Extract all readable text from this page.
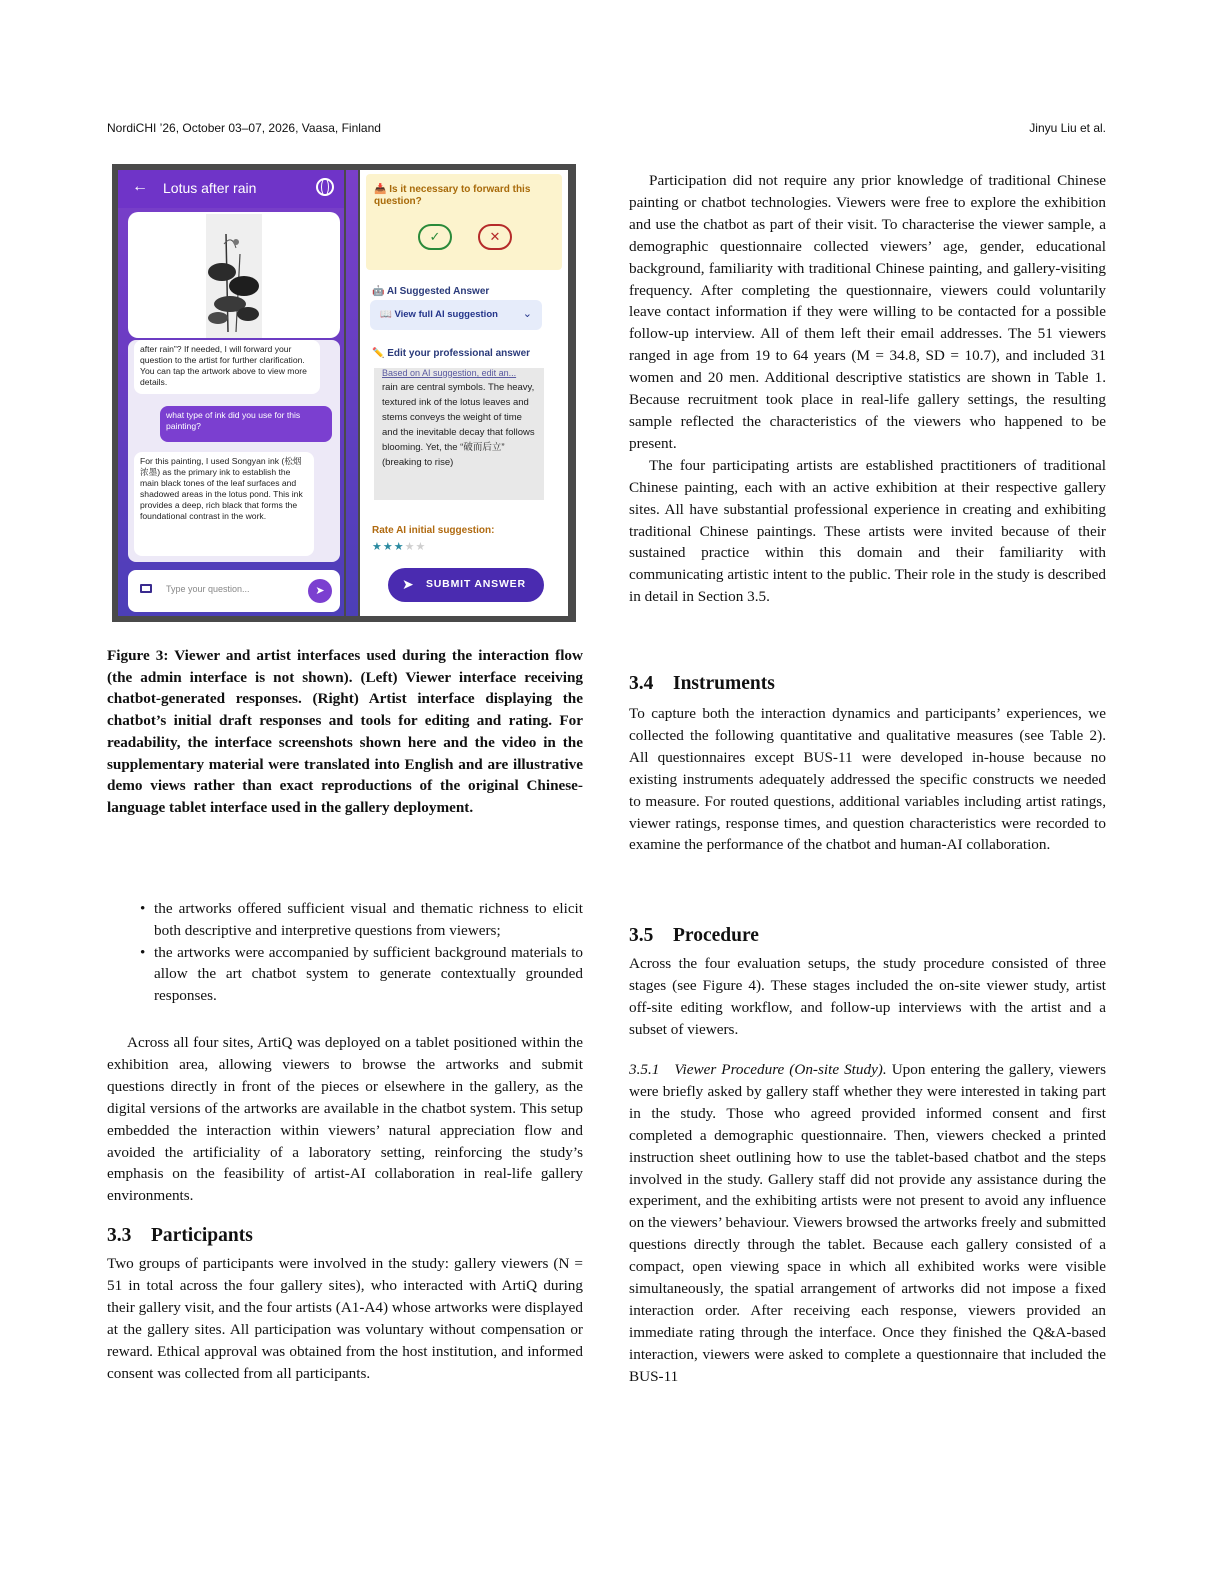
NordiCHI ’26, October 03–07, 2026, Vaasa, Finland	Jinyu Liu et al.
← Lotus after rain
after rain”? If needed, I will forward your question to the artist for further clarification. You can tap the artwork above to view more details.
what type of ink did you use for this painting?
For this painting, I used Songyan ink (松烟浓墨) as the primary ink to establish the main black tones of the leaf surfaces and shadowed areas in the lotus pond. This ink provides a deep, rich black that forms the foundational contrast in the work.
Type your question...	➤
📥 Is it necessary to forward this question?
✓	✕
🤖 AI Suggested Answer
📖 View full AI suggestion ⌄
✏️ Edit your professional answer
Based on AI suggestion, edit an...
rain are central symbols. The heavy, textured ink of the lotus leaves and stems conveys the weight of time and the inevitable decay that follows blooming. Yet, the “破而后立” (breaking to rise)
Rate AI initial suggestion:
★★★★★
➤ SUBMIT ANSWER
Figure 3: Viewer and artist interfaces used during the interaction flow (the admin interface is not shown). (Left) Viewer interface receiving chatbot-generated responses. (Right) Artist interface displaying the chatbot’s initial draft responses and tools for editing and rating. For readability, the interface screenshots shown here and the video in the supplementary material were translated into English and are illustrative demo views rather than exact reproductions of the original Chinese-language tablet interface used in the gallery deployment.
• the artworks offered sufficient visual and thematic richness to elicit both descriptive and interpretive questions from viewers;
• the artworks were accompanied by sufficient background materials to allow the art chatbot system to generate contextually grounded responses.

Across all four sites, ArtiQ was deployed on a tablet positioned within the exhibition area, allowing viewers to browse the artworks and submit questions directly in front of the pieces or elsewhere in the gallery, as the digital versions of the artworks are available in the chatbot system. This setup embedded the interaction within viewers’ natural appreciation flow and avoided the artificiality of a laboratory setting, reinforcing the study’s emphasis on the feasibility of artist-AI collaboration in real-life gallery environments.

3.3 Participants

Two groups of participants were involved in the study: gallery viewers (N = 51 in total across the four gallery sites), who interacted with ArtiQ during their gallery visit, and the four artists (A1-A4) whose artworks were displayed at the gallery sites. All participation was voluntary without compensation or reward. Ethical approval was obtained from the host institution, and informed consent was collected from all participants.

Participation did not require any prior knowledge of traditional Chinese painting or chatbot technologies. Viewers were free to explore the exhibition and use the chatbot as part of their visit. To characterise the viewer sample, a demographic questionnaire collected viewers’ age, gender, educational background, familiarity with traditional Chinese painting, and gallery-visiting frequency. After completing the questionnaire, viewers could voluntarily leave contact information if they were willing to be contacted for a possible follow-up interview. All of them left their email addresses. The 51 viewers ranged in age from 19 to 64 years (M = 34.8, SD = 10.7), and included 31 women and 20 men. Additional descriptive statistics are shown in Table 1. Because recruitment took place in real-life gallery settings, the resulting sample reflected the characteristics of the viewers who happened to be present.

The four participating artists are established practitioners of traditional Chinese painting, each with an active exhibition at their respective gallery sites. All have substantial professional experience in creating and exhibiting traditional Chinese paintings. These artists were invited because of their sustained practice within this domain and their familiarity with communicating artistic intent to the public. Their role in the study is described in detail in Section 3.5.

3.4 Instruments

To capture both the interaction dynamics and participants’ experiences, we collected the following quantitative and qualitative measures (see Table 2). All questionnaires except BUS-11 were developed in-house because no existing instruments adequately addressed the specific constructs we needed to measure. For routed questions, additional variables including artist ratings, viewer ratings, response times, and question characteristics were recorded to examine the performance of the chatbot and human-AI collaboration.

3.5 Procedure

Across the four evaluation setups, the study procedure consisted of three stages (see Figure 4). These stages included the on-site viewer study, artist off-site editing workflow, and follow-up interviews with the artist and a subset of viewers.

3.5.1 Viewer Procedure (On-site Study). Upon entering the gallery, viewers were briefly asked by gallery staff whether they were interested in taking part in the study. Those who agreed provided informed consent and first completed a demographic questionnaire. Then, viewers checked a printed instruction sheet outlining how to use the tablet-based chatbot and the steps involved in the study. Gallery staff did not provide any assistance during the experiment, and the exhibiting artists were not present to avoid any influence on the viewers’ behaviour. Viewers browsed the artworks freely and submitted questions directly through the tablet. Because each gallery consisted of a compact, open viewing space in which all exhibited works were visible simultaneously, the spatial arrangement of artworks did not impose a fixed interaction order. After receiving each response, viewers provided an immediate rating through the interface. Once they finished the Q&A-based interaction, viewers were asked to complete a questionnaire that included the BUS-11
